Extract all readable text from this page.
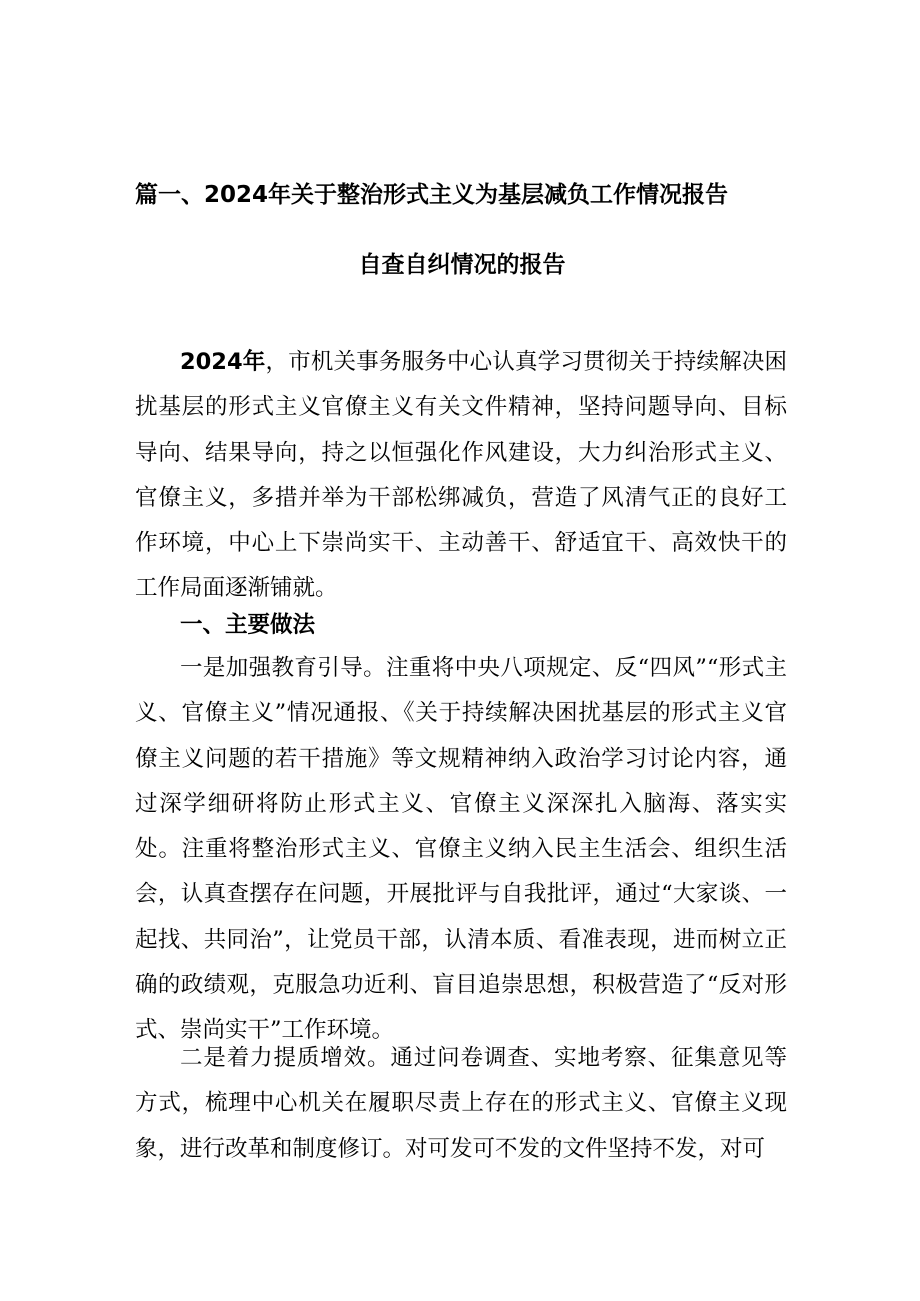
篇一、2024年关于整治形式主义为基层减负工作情况报告
自查自纠情况的报告

2024年，市机关事务服务中心认真学习贯彻关于持续解决困扰基层的形式主义官僚主义有关文件精神，坚持问题导向、目标导向、结果导向，持之以恒强化作风建设，大力纠治形式主义、官僚主义，多措并举为干部松绑减负，营造了风清气正的良好工作环境，中心上下崇尚实干、主动善干、舒适宜干、高效快干的工作局面逐渐铺就。

一、主要做法

一是加强教育引导。注重将中央八项规定、反“四风”“形式主义、官僚主义”情况通报、《关于持续解决困扰基层的形式主义官僚主义问题的若干措施》等文规精神纳入政治学习讨论内容，通过深学细研将防止形式主义、官僚主义深深扎入脑海、落实实处。注重将整治形式主义、官僚主义纳入民主生活会、组织生活会，认真查摆存在问题，开展批评与自我批评，通过“大家谈、一起找、共同治”，让党员干部，认清本质、看准表现，进而树立正确的政绩观，克服急功近利、盲目追崇思想，积极营造了“反对形式、崇尚实干”工作环境。

二是着力提质增效。通过问卷调查、实地考察、征集意见等方式，梳理中心机关在履职尽责上存在的形式主义、官僚主义现象，进行改革和制度修订。对可发可不发的文件坚持不发，对可
